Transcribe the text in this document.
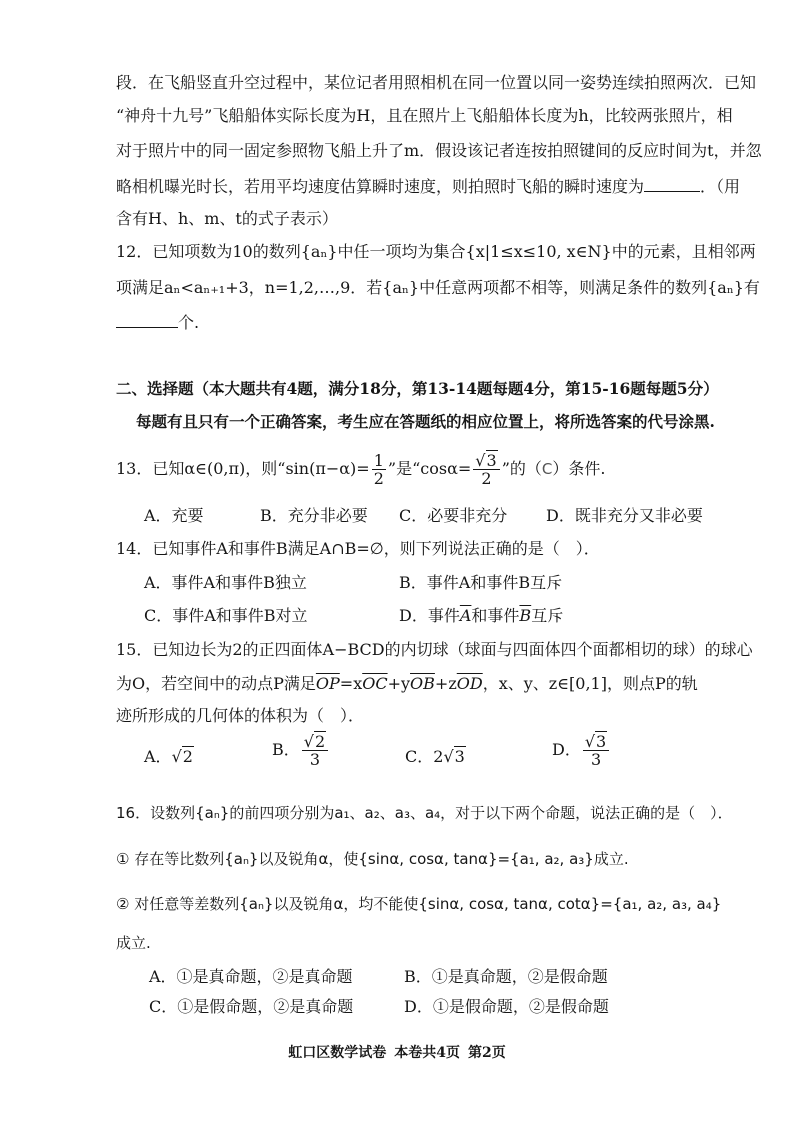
段．在飞船竖直升空过程中，某位记者用照相机在同一位置以同一姿势连续拍照两次．已知
“神舟十九号”飞船船体实际长度为H，且在照片上飞船船体长度为h，比较两张照片，相
对于照片中的同一固定参照物飞船上升了m．假设该记者连按拍照键间的反应时间为t，并忽
略相机曝光时长，若用平均速度估算瞬时速度，则拍照时飞船的瞬时速度为	．（用
含有H、h、m、t的式子表示）
12．已知项数为10的数列{aₙ}中任一项均为集合{x|1≤x≤10, x∈N}中的元素，且相邻两
项满足aₙ<aₙ₊₁+3，n=1,2,…,9．若{aₙ}中任意两项都不相等，则满足条件的数列{aₙ}有
个.
二、选择题（本大题共有4题，满分18分，第13-14题每题4分，第15-16题每题5分）
每题有且只有一个正确答案，考生应在答题纸的相应位置上，将所选答案的代号涂黑.
13．已知α∈(0,π)，则“$\sin(\pi-\alpha)= \frac{1}{2}$ ”是“$\cos\alpha= \frac{√3}{2}$ ”的（C）条件.
A．充要	B．充分非必要 C．必要非充分 D．既非充分又非必要
14．已知事件A和事件B满足A∩B=∅，则下列说法正确的是（　）．
A．事件A和事件B独立	B．事件A和事件B互斥
C．事件A和事件B对立	D．事件$\overline{A}$和事件$\overline{B}$互斥
15．已知边长为2的正四面体A−BCD的内切球（球面与四面体四个面都相切的球）的球心
为O，若空间中的动点P满足$\overline{OP}=x\overline{OC}+y\overline{OB}+z\overline{OD}$，x、y、z∈[0,1]，则点P的轨
迹所形成的几何体的体积为（　）．
A．√2	B． $\frac{√2}{3}$	C．2√3	D． $\frac{√3}{3}$
16．设数列{aₙ}的前四项分别为a₁、a₂、a₃、a₄，对于以下两个命题，说法正确的是（　）．
① 存在等比数列{aₙ}以及锐角α，使{sinα, cosα, tanα}={a₁, a₂, a₃}成立.
② 对任意等差数列{aₙ}以及锐角α，均不能使{sinα, cosα, tanα, cotα}={a₁, a₂, a₃, a₄}
成立.
A．①是真命题，②是真命题	B．①是真命题，②是假命题
C．①是假命题，②是真命题	D．①是假命题，②是假命题
虹口区数学试卷 本卷共4页 第2页
